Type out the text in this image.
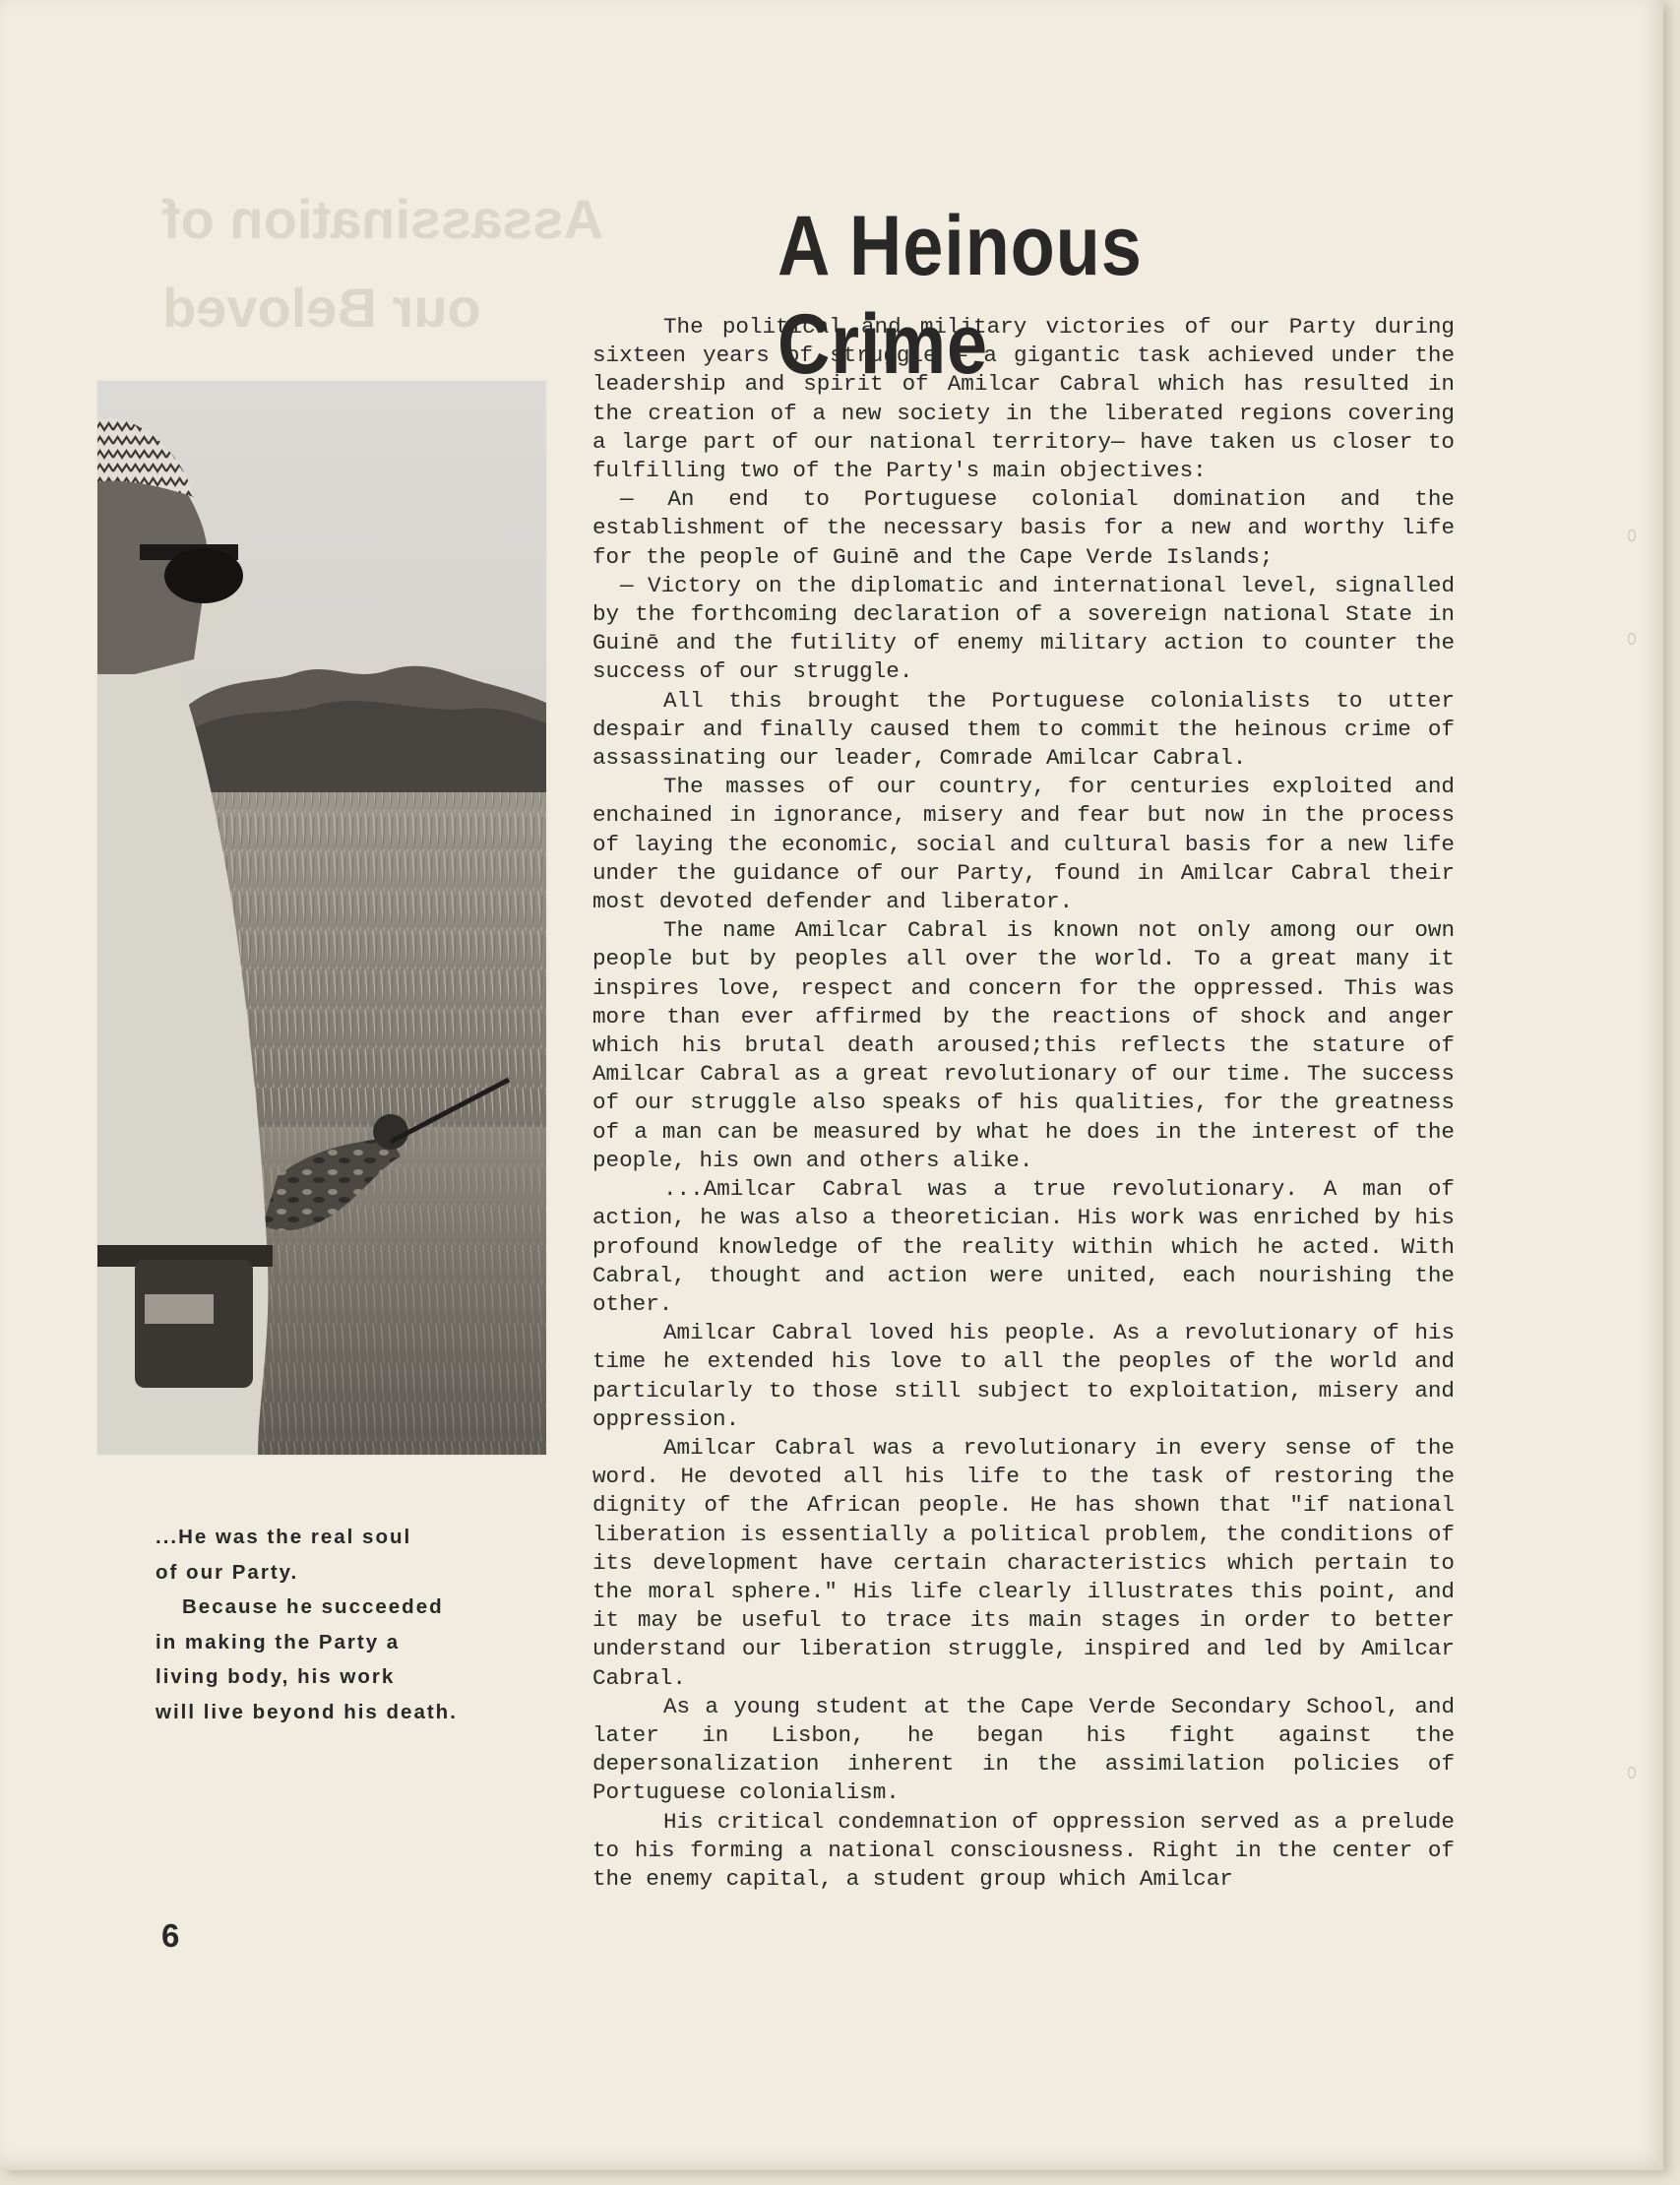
Assassination of
our Beloved
A Heinous Crime
...He was the real soul
of our Party.
Because he succeeded
in making the Party a
living body, his work
will live beyond his death.

The political and military victories of our Party during sixteen years of struggle — a gigantic task achieved under the leadership and spirit of Amilcar Cabral which has resulted in the creation of a new society in the liberated regions covering a large part of our national territory— have taken us closer to fulfilling two of the Party's main objectives:

— An end to Portuguese colonial domination and the establishment of the necessary basis for a new and worthy life for the people of Guinē and the Cape Verde Islands;

— Victory on the diplomatic and international level, signalled by the forthcoming declaration of a sovereign national State in Guinē and the futility of enemy military action to counter the success of our struggle.

All this brought the Portuguese colonialists to utter despair and finally caused them to commit the heinous crime of assassinating our leader, Comrade Amilcar Cabral.

The masses of our country, for centuries exploited and enchained in ignorance, misery and fear but now in the process of laying the economic, social and cultural basis for a new life under the guidance of our Party, found in Amilcar Cabral their most devoted defender and liberator.

The name Amilcar Cabral is known not only among our own people but by peoples all over the world. To a great many it inspires love, respect and concern for the oppressed. This was more than ever affirmed by the reactions of shock and anger which his brutal death aroused;this reflects the stature of Amilcar Cabral as a great revolutionary of our time. The success of our struggle also speaks of his qualities, for the greatness of a man can be measured by what he does in the interest of the people, his own and others alike.

...Amilcar Cabral was a true revolutionary. A man of action, he was also a theoretician. His work was enriched by his profound knowledge of the reality within which he acted. With Cabral, thought and action were united, each nourishing the other.

Amilcar Cabral loved his people. As a revolutionary of his time he extended his love to all the peoples of the world and particularly to those still subject to exploitation, misery and oppression.

Amilcar Cabral was a revolutionary in every sense of the word. He devoted all his life to the task of restoring the dignity of the African people. He has shown that "if national liberation is essentially a political problem, the conditions of its development have certain characteristics which pertain to the moral sphere." His life clearly illustrates this point, and it may be useful to trace its main stages in order to better understand our liberation struggle, inspired and led by Amilcar Cabral.

As a young student at the Cape Verde Secondary School, and later in Lisbon, he began his fight against the depersonalization inherent in the assimilation policies of Portuguese colonialism.

His critical condemnation of oppression served as a prelude to his forming a national consciousness. Right in the center of the enemy capital, a student group which Amilcar

6
